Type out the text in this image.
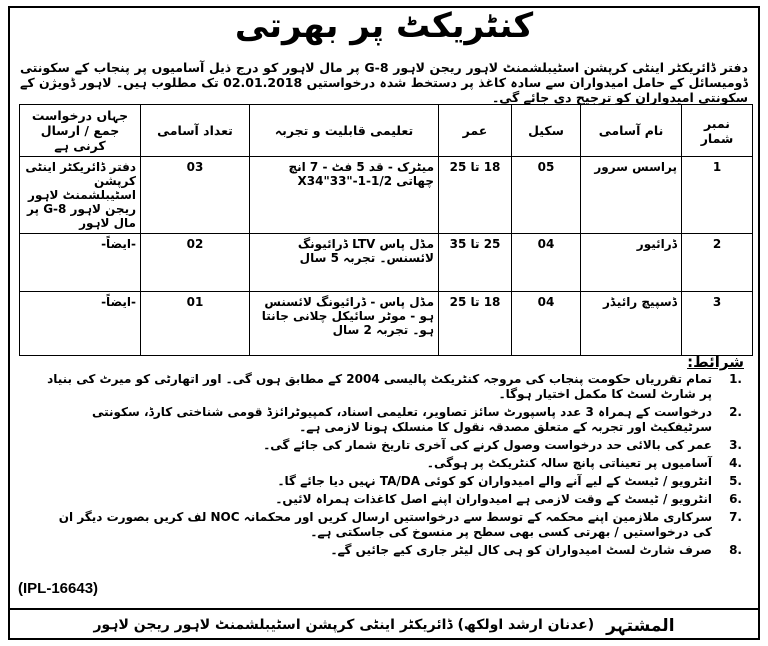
کنٹریکٹ پر بھرتی
دفتر ڈائریکٹر اینٹی کرپشن اسٹیبلشمنٹ لاہور ریجن لاہور G-8 پر مال لاہور کو درج ذیل آسامیوں پر پنجاب کے سکونتی ڈومیسائل کے حامل امیدواران سے سادہ کاغذ پر دستخط شدہ درخواستیں 02.01.2018 تک مطلوب ہیں۔ لاہور ڈویژن کے سکونتی امیدواران کو ترجیح دی جائے گی۔
نمبر شمار	نام آسامی	سکیل	عمر	تعلیمی قابلیت و تجربہ	تعداد آسامی	جہاں درخواست جمع / ارسال کرنی ہے
1	پراسس سرور	05	18 تا 25	میٹرک - قد 5 فٹ - 7 انچ چھاتی 1/2-1-"33"X34	03	دفتر ڈائریکٹر اینٹی کرپشن اسٹیبلشمنٹ لاہور ریجن لاہور G-8 پر مال لاہور
2	ڈرائیور	04	25 تا 35	مڈل پاس LTV ڈرائیونگ لائسنس۔ تجربہ 5 سال	02	-ایضاً-
3	ڈسپیچ رائیڈر	04	18 تا 25	مڈل پاس - ڈرائیونگ لائسنس ہو - موٹر سائیکل چلانی جانتا ہو۔ تجربہ 2 سال	01	-ایضاً-
شرائط:
1.
تمام تقرریاں حکومت پنجاب کی مروجہ کنٹریکٹ پالیسی 2004 کے مطابق ہوں گی۔ اور اتھارٹی کو میرٹ کی بنیاد پر شارٹ لسٹ کا مکمل اختیار ہوگا۔
2.
درخواست کے ہمراہ 3 عدد پاسپورٹ سائز تصاویر، تعلیمی اسناد، کمپیوٹرائزڈ قومی شناختی کارڈ، سکونتی سرٹیفکیٹ اور تجربہ کے متعلق مصدقہ نقول کا منسلک ہونا لازمی ہے۔
3.
عمر کی بالائی حد درخواست وصول کرنے کی آخری تاریخ شمار کی جائے گی۔
4.
آسامیوں پر تعیناتی پانچ سالہ کنٹریکٹ پر ہوگی۔
5.
انٹرویو / ٹیسٹ کے لیے آنے والے امیدواران کو کوئی TA/DA نہیں دیا جائے گا۔
6.
انٹرویو / ٹیسٹ کے وقت لازمی ہے امیدواران اپنے اصل کاغذات ہمراہ لائیں۔
7.
سرکاری ملازمین اپنے محکمہ کے توسط سے درخواستیں ارسال کریں اور محکمانہ NOC لف کریں بصورت دیگر ان کی درخواستیں / بھرتی کسی بھی سطح پر منسوخ کی جاسکتی ہے۔
8.
صرف شارٹ لسٹ امیدواران کو ہی کال لیٹر جاری کیے جائیں گے۔
(IPL-16643)
المشتہر
(عدنان ارشد اولکھ) ڈائریکٹر اینٹی کرپشن اسٹیبلشمنٹ لاہور ریجن لاہور
